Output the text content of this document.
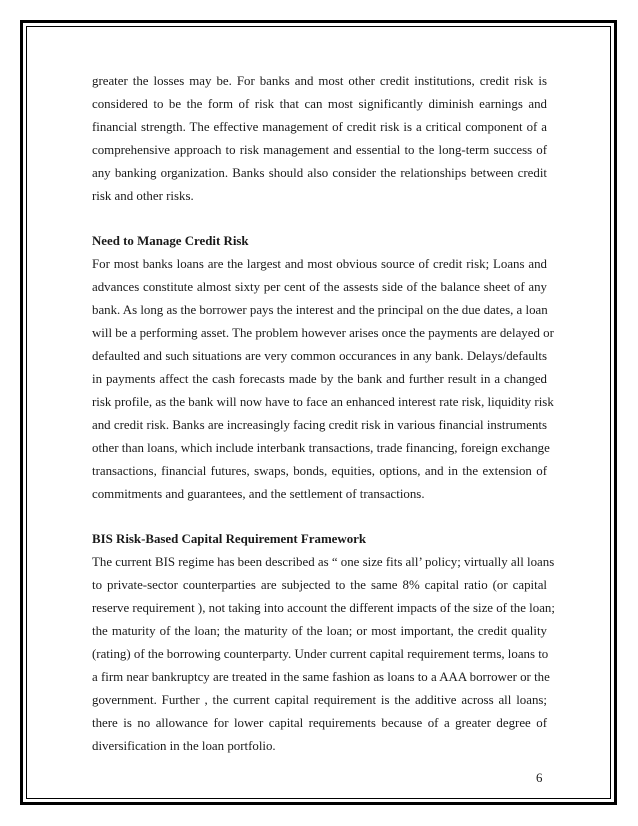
greater the losses may be. For banks and most other credit institutions, credit risk is
considered to be the form of risk that can most significantly diminish earnings and
financial strength. The effective management of credit risk is a critical component of a
comprehensive approach to risk management and essential to the long-term success of
any banking organization. Banks should also consider the relationships between credit
risk and other risks.

Need to Manage Credit Risk

For most banks loans are the largest and most obvious source of credit risk; Loans and
advances constitute almost sixty per cent of the assests side of the balance sheet of any
bank. As long as the borrower pays the interest and the principal on the due dates, a loan
will be a performing asset. The problem however arises once the payments are delayed or
defaulted and such situations are very common occurances in any bank. Delays/defaults
in payments affect the cash forecasts made by the bank and further result in a changed
risk profile, as the bank will now have to face an enhanced interest rate risk, liquidity risk
and credit risk. Banks are increasingly facing credit risk in various financial instruments
other than loans, which include interbank transactions, trade financing, foreign exchange
transactions, financial futures, swaps, bonds, equities, options, and in the extension of
commitments and guarantees, and the settlement of transactions.

BIS Risk-Based Capital Requirement Framework

The current BIS regime has been described as “ one size fits all’ policy; virtually all loans
to private-sector counterparties are subjected to the same 8% capital ratio (or capital
reserve requirement ), not taking into account the different impacts of the size of the loan;
the maturity of the loan; the maturity of the loan; or most important, the credit quality
(rating) of the borrowing counterparty. Under current capital requirement terms, loans to
a firm near bankruptcy are treated in the same fashion as loans to a AAA borrower or the
government. Further , the current capital requirement is the additive across all loans;
there is no allowance for lower capital requirements because of a greater degree of
diversification in the loan portfolio.

6
